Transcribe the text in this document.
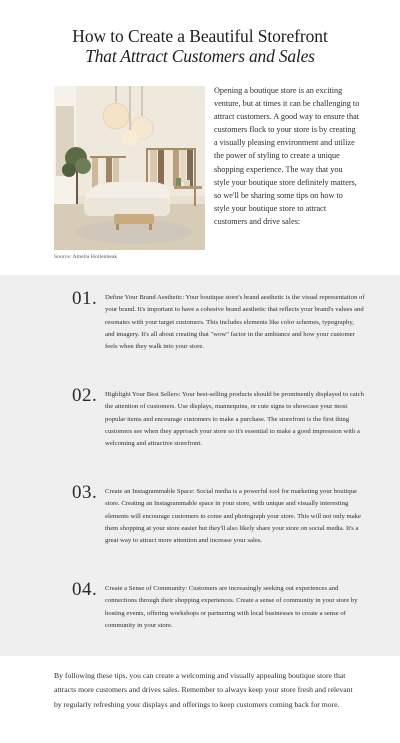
How to Create a Beautiful Storefront
That Attract Customers and Sales
Source: Amelia Hollenbeak

Opening a boutique store is an exciting venture, but at times it can be challenging to attract customers. A good way to ensure that customers flock to your store is by creating a visually pleasing environment and utilize the power of styling to create a unique shopping experience. The way that you style your boutique store definitely matters, so we'll be sharing some tips on how to style your boutique store to attract customers and drive sales:

01. Define Your Brand Aesthetic: Your boutique store's brand aesthetic is the visual representation of your brand. It's important to have a cohesive brand aesthetic that reflects your brand's values and resonates with your target customers. This includes elements like color schemes, typography, and imagery. It's all about creating that "wow" factor in the ambiance and how your customer feels when they walk into your store.
02. Highlight Your Best Sellers: Your best-selling products should be prominently displayed to catch the attention of customers. Use displays, mannequins, or cute signs to showcase your most popular items and encourage customers to make a purchase. The storefront is the first thing customers see when they approach your store so it's essential to make a good impression with a welcoming and attractive storefront.
03. Create an Instagrammable Space: Social media is a powerful tool for marketing your boutique store. Creating an Instagrammable space in your store, with unique and visually interesting elements will encourage customers to come and photograph your store. This will not only make them shopping at your store easier but they'll also likely share your store on social media. It's a great way to attract more attention and increase your sales.
04. Create a Sense of Community: Customers are increasingly seeking out experiences and connections through their shopping experiences. Create a sense of community in your store by hosting events, offering workshops or partnering with local businesses to create a sense of community in your store.

By following these tips, you can create a welcoming and visually appealing boutique store that attracts more customers and drives sales. Remember to always keep your store fresh and relevant by regularly refreshing your displays and offerings to keep customers coming back for more.
